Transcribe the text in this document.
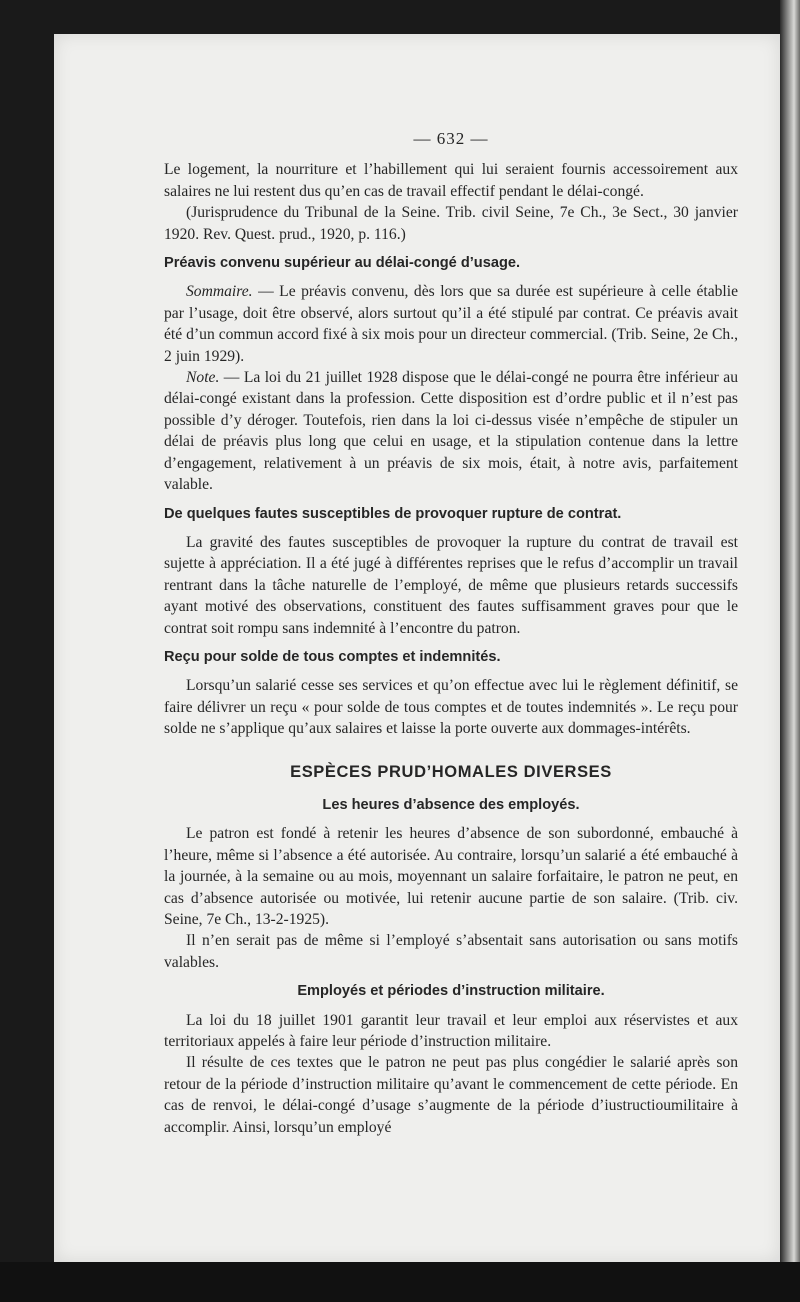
— 632 —

Le logement, la nourriture et l’habillement qui lui seraient fournis accessoirement aux salaires ne lui restent dus qu’en cas de travail effectif pendant le délai-congé.

(Jurisprudence du Tribunal de la Seine. Trib. civil Seine, 7e Ch., 3e Sect., 30 janvier 1920. Rev. Quest. prud., 1920, p. 116.)

Préavis convenu supérieur au délai-congé d’usage.

Sommaire. — Le préavis convenu, dès lors que sa durée est supérieure à celle établie par l’usage, doit être observé, alors surtout qu’il a été stipulé par contrat. Ce préavis avait été d’un commun accord fixé à six mois pour un directeur commercial. (Trib. Seine, 2e Ch., 2 juin 1929).

Note. — La loi du 21 juillet 1928 dispose que le délai-congé ne pourra être inférieur au délai-congé existant dans la profession. Cette disposition est d’ordre public et il n’est pas possible d’y déroger. Toutefois, rien dans la loi ci-dessus visée n’empêche de stipuler un délai de préavis plus long que celui en usage, et la stipulation contenue dans la lettre d’engagement, relativement à un préavis de six mois, était, à notre avis, parfaitement valable.

De quelques fautes susceptibles de provoquer rupture de contrat.

La gravité des fautes susceptibles de provoquer la rupture du contrat de travail est sujette à appréciation. Il a été jugé à différentes reprises que le refus d’accomplir un travail rentrant dans la tâche naturelle de l’employé, de même que plusieurs retards successifs ayant motivé des observations, constituent des fautes suffisamment graves pour que le contrat soit rompu sans indemnité à l’encontre du patron.

Reçu pour solde de tous comptes et indemnités.

Lorsqu’un salarié cesse ses services et qu’on effectue avec lui le règlement définitif, se faire délivrer un reçu « pour solde de tous comptes et de toutes indemnités ». Le reçu pour solde ne s’applique qu’aux salaires et laisse la porte ouverte aux dommages-intérêts.

ESPÈCES PRUD’HOMALES DIVERSES
Les heures d’absence des employés.

Le patron est fondé à retenir les heures d’absence de son subordonné, embauché à l’heure, même si l’absence a été autorisée. Au contraire, lorsqu’un salarié a été embauché à la journée, à la semaine ou au mois, moyennant un salaire forfaitaire, le patron ne peut, en cas d’absence autorisée ou motivée, lui retenir aucune partie de son salaire. (Trib. civ. Seine, 7e Ch., 13-2-1925).

Il n’en serait pas de même si l’employé s’absentait sans autorisation ou sans motifs valables.

Employés et périodes d’instruction militaire.

La loi du 18 juillet 1901 garantit leur travail et leur emploi aux réservistes et aux territoriaux appelés à faire leur période d’instruction militaire.

Il résulte de ces textes que le patron ne peut pas plus congédier le salarié après son retour de la période d’instruction militaire qu’avant le commencement de cette période. En cas de renvoi, le délai-congé d’usage s’augmente de la période d’iustructioumilitaire à accomplir. Ainsi, lorsqu’un employé
